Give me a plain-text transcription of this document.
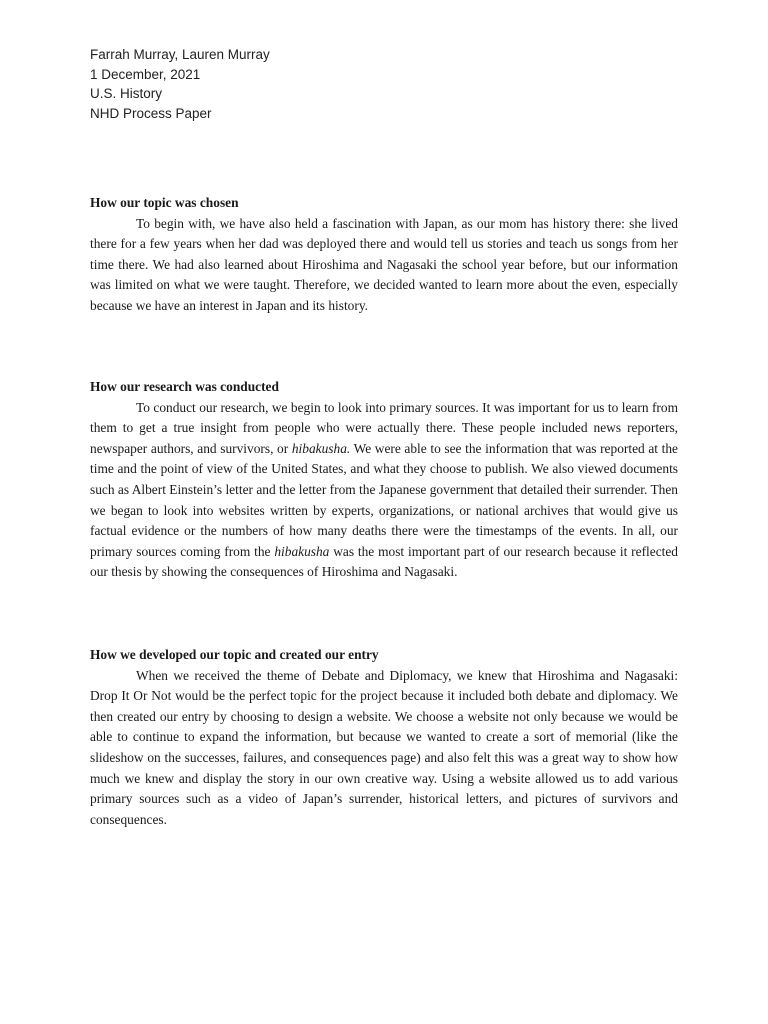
Farrah Murray, Lauren Murray
1 December, 2021
U.S. History
NHD Process Paper
How our topic was chosen

To begin with, we have also held a fascination with Japan, as our mom has history there: she lived there for a few years when her dad was deployed there and would tell us stories and teach us songs from her time there. We had also learned about Hiroshima and Nagasaki the school year before, but our information was limited on what we were taught. Therefore, we decided wanted to learn more about the even, especially because we have an interest in Japan and its history.

How our research was conducted

To conduct our research, we begin to look into primary sources. It was important for us to learn from them to get a true insight from people who were actually there. These people included news reporters, newspaper authors, and survivors, or hibakusha. We were able to see the information that was reported at the time and the point of view of the United States, and what they choose to publish. We also viewed documents such as Albert Einstein’s letter and the letter from the Japanese government that detailed their surrender. Then we began to look into websites written by experts, organizations, or national archives that would give us factual evidence or the numbers of how many deaths there were the timestamps of the events. In all, our primary sources coming from the hibakusha was the most important part of our research because it reflected our thesis by showing the consequences of Hiroshima and Nagasaki.

How we developed our topic and created our entry

When we received the theme of Debate and Diplomacy, we knew that Hiroshima and Nagasaki: Drop It Or Not would be the perfect topic for the project because it included both debate and diplomacy. We then created our entry by choosing to design a website. We choose a website not only because we would be able to continue to expand the information, but because we wanted to create a sort of memorial (like the slideshow on the successes, failures, and consequences page) and also felt this was a great way to show how much we knew and display the story in our own creative way. Using a website allowed us to add various primary sources such as a video of Japan’s surrender, historical letters, and pictures of survivors and consequences.
